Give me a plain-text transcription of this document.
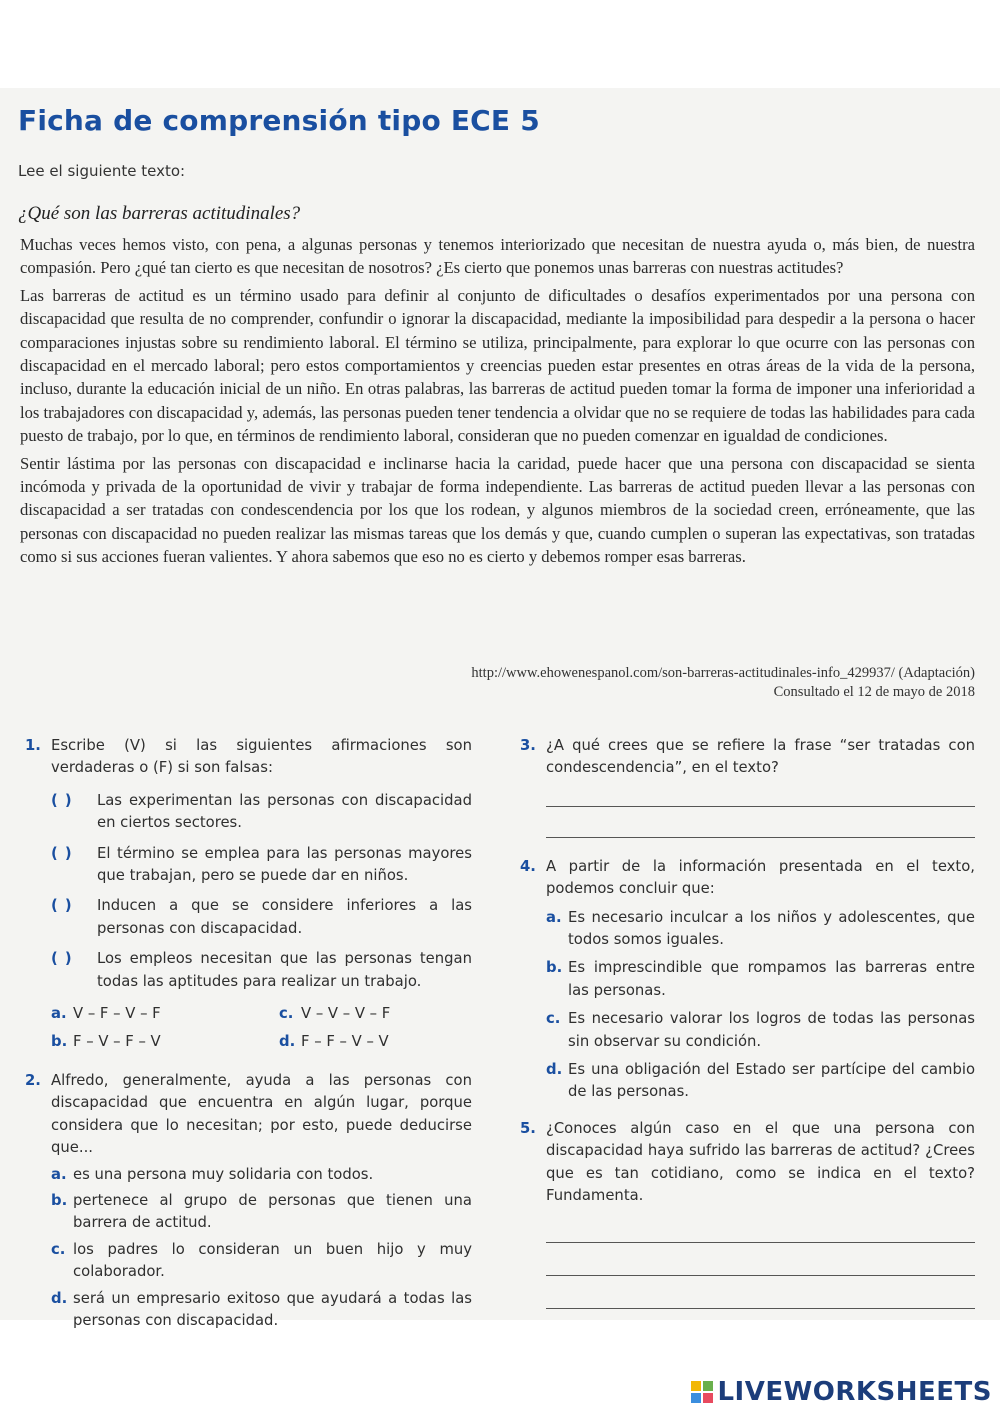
Ficha de comprensión tipo ECE 5
Lee el siguiente texto:
¿Qué son las barreras actitudinales?

Muchas veces hemos visto, con pena, a algunas personas y tenemos interiorizado que necesitan de nuestra ayuda o, más bien, de nuestra compasión. Pero ¿qué tan cierto es que necesitan de nosotros? ¿Es cierto que ponemos unas barreras con nuestras actitudes?

Las barreras de actitud es un término usado para definir al conjunto de dificultades o desafíos experimentados por una persona con discapacidad que resulta de no comprender, confundir o ignorar la discapacidad, mediante la imposibilidad para despedir a la persona o hacer comparaciones injustas sobre su rendimiento laboral. El término se utiliza, principalmente, para explorar lo que ocurre con las personas con discapacidad en el mercado laboral; pero estos comportamientos y creencias pueden estar presentes en otras áreas de la vida de la persona, incluso, durante la educación inicial de un niño. En otras palabras, las barreras de actitud pueden tomar la forma de imponer una inferioridad a los trabajadores con discapacidad y, además, las personas pueden tener tendencia a olvidar que no se requiere de todas las habilidades para cada puesto de trabajo, por lo que, en términos de rendimiento laboral, consideran que no pueden comenzar en igualdad de condiciones.

Sentir lástima por las personas con discapacidad e inclinarse hacia la caridad, puede hacer que una persona con discapacidad se sienta incómoda y privada de la oportunidad de vivir y trabajar de forma independiente. Las barreras de actitud pueden llevar a las personas con discapacidad a ser tratadas con condescendencia por los que los rodean, y algunos miembros de la sociedad creen, erróneamente, que las personas con discapacidad no pueden realizar las mismas tareas que los demás y que, cuando cumplen o superan las expectativas, son tratadas como si sus acciones fueran valientes. Y ahora sabemos que eso no es cierto y debemos romper esas barreras.

http://www.ehowenespanol.com/son-barreras-actitudinales-info_429937/ (Adaptación)
Consultado el 12 de mayo de 2018
1. Escribe (V) si las siguientes afirmaciones son verdaderas o (F) si son falsas:
( ) Las experimentan las personas con discapacidad en ciertos sectores.
( ) El término se emplea para las personas mayores que trabajan, pero se puede dar en niños.
( ) Inducen a que se considere inferiores a las personas con discapacidad.
( ) Los empleos necesitan que las personas tengan todas las aptitudes para realizar un trabajo.
a. V – F – V – F	c. V – V – V – F
b. F – V – F – V	d. F – F – V – V
2. Alfredo, generalmente, ayuda a las personas con discapacidad que encuentra en algún lugar, porque considera que lo necesitan; por esto, puede deducirse que...
a. es una persona muy solidaria con todos.
b. pertenece al grupo de personas que tienen una barrera de actitud.
c. los padres lo consideran un buen hijo y muy colaborador.
d. será un empresario exitoso que ayudará a todas las personas con discapacidad.
3. ¿A qué crees que se refiere la frase “ser tratadas con condescendencia”, en el texto?
4. A partir de la información presentada en el texto, podemos concluir que:
a. Es necesario inculcar a los niños y adolescentes, que todos somos iguales.
b. Es imprescindible que rompamos las barreras entre las personas.
c. Es necesario valorar los logros de todas las personas sin observar su condición.
d. Es una obligación del Estado ser partícipe del cambio de las personas.
5. ¿Conoces algún caso en el que una persona con discapacidad haya sufrido las barreras de actitud? ¿Crees que es tan cotidiano, como se indica en el texto? Fundamenta.
LIVEWORKSHEETS
